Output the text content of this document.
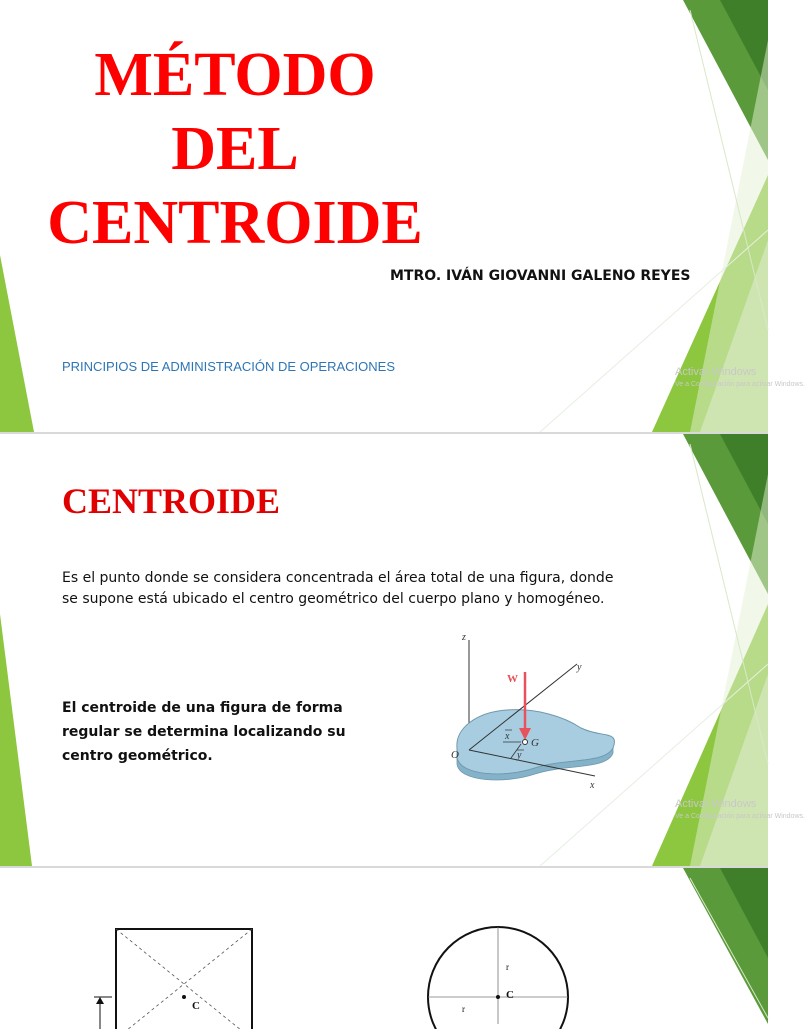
MÉTODO
DEL
CENTROIDE
MTRO. IVÁN GIOVANNI GALENO REYES
PRINCIPIOS DE ADMINISTRACIÓN DE OPERACIONES	Activar Windows
Ve a Configuración para activar Windows.
CENTROIDE
Es el punto donde se considera concentrada el área total de una figura, donde
se supone está ubicado el centro geométrico del cuerpo plano y homogéneo.
El centroide de una figura de forma
regular se determina localizando su
centro geométrico.
z
y
x
W
G
x
y
O
Activar Windows
Ve a Configuración para activar Windows.
C
C
r
r
